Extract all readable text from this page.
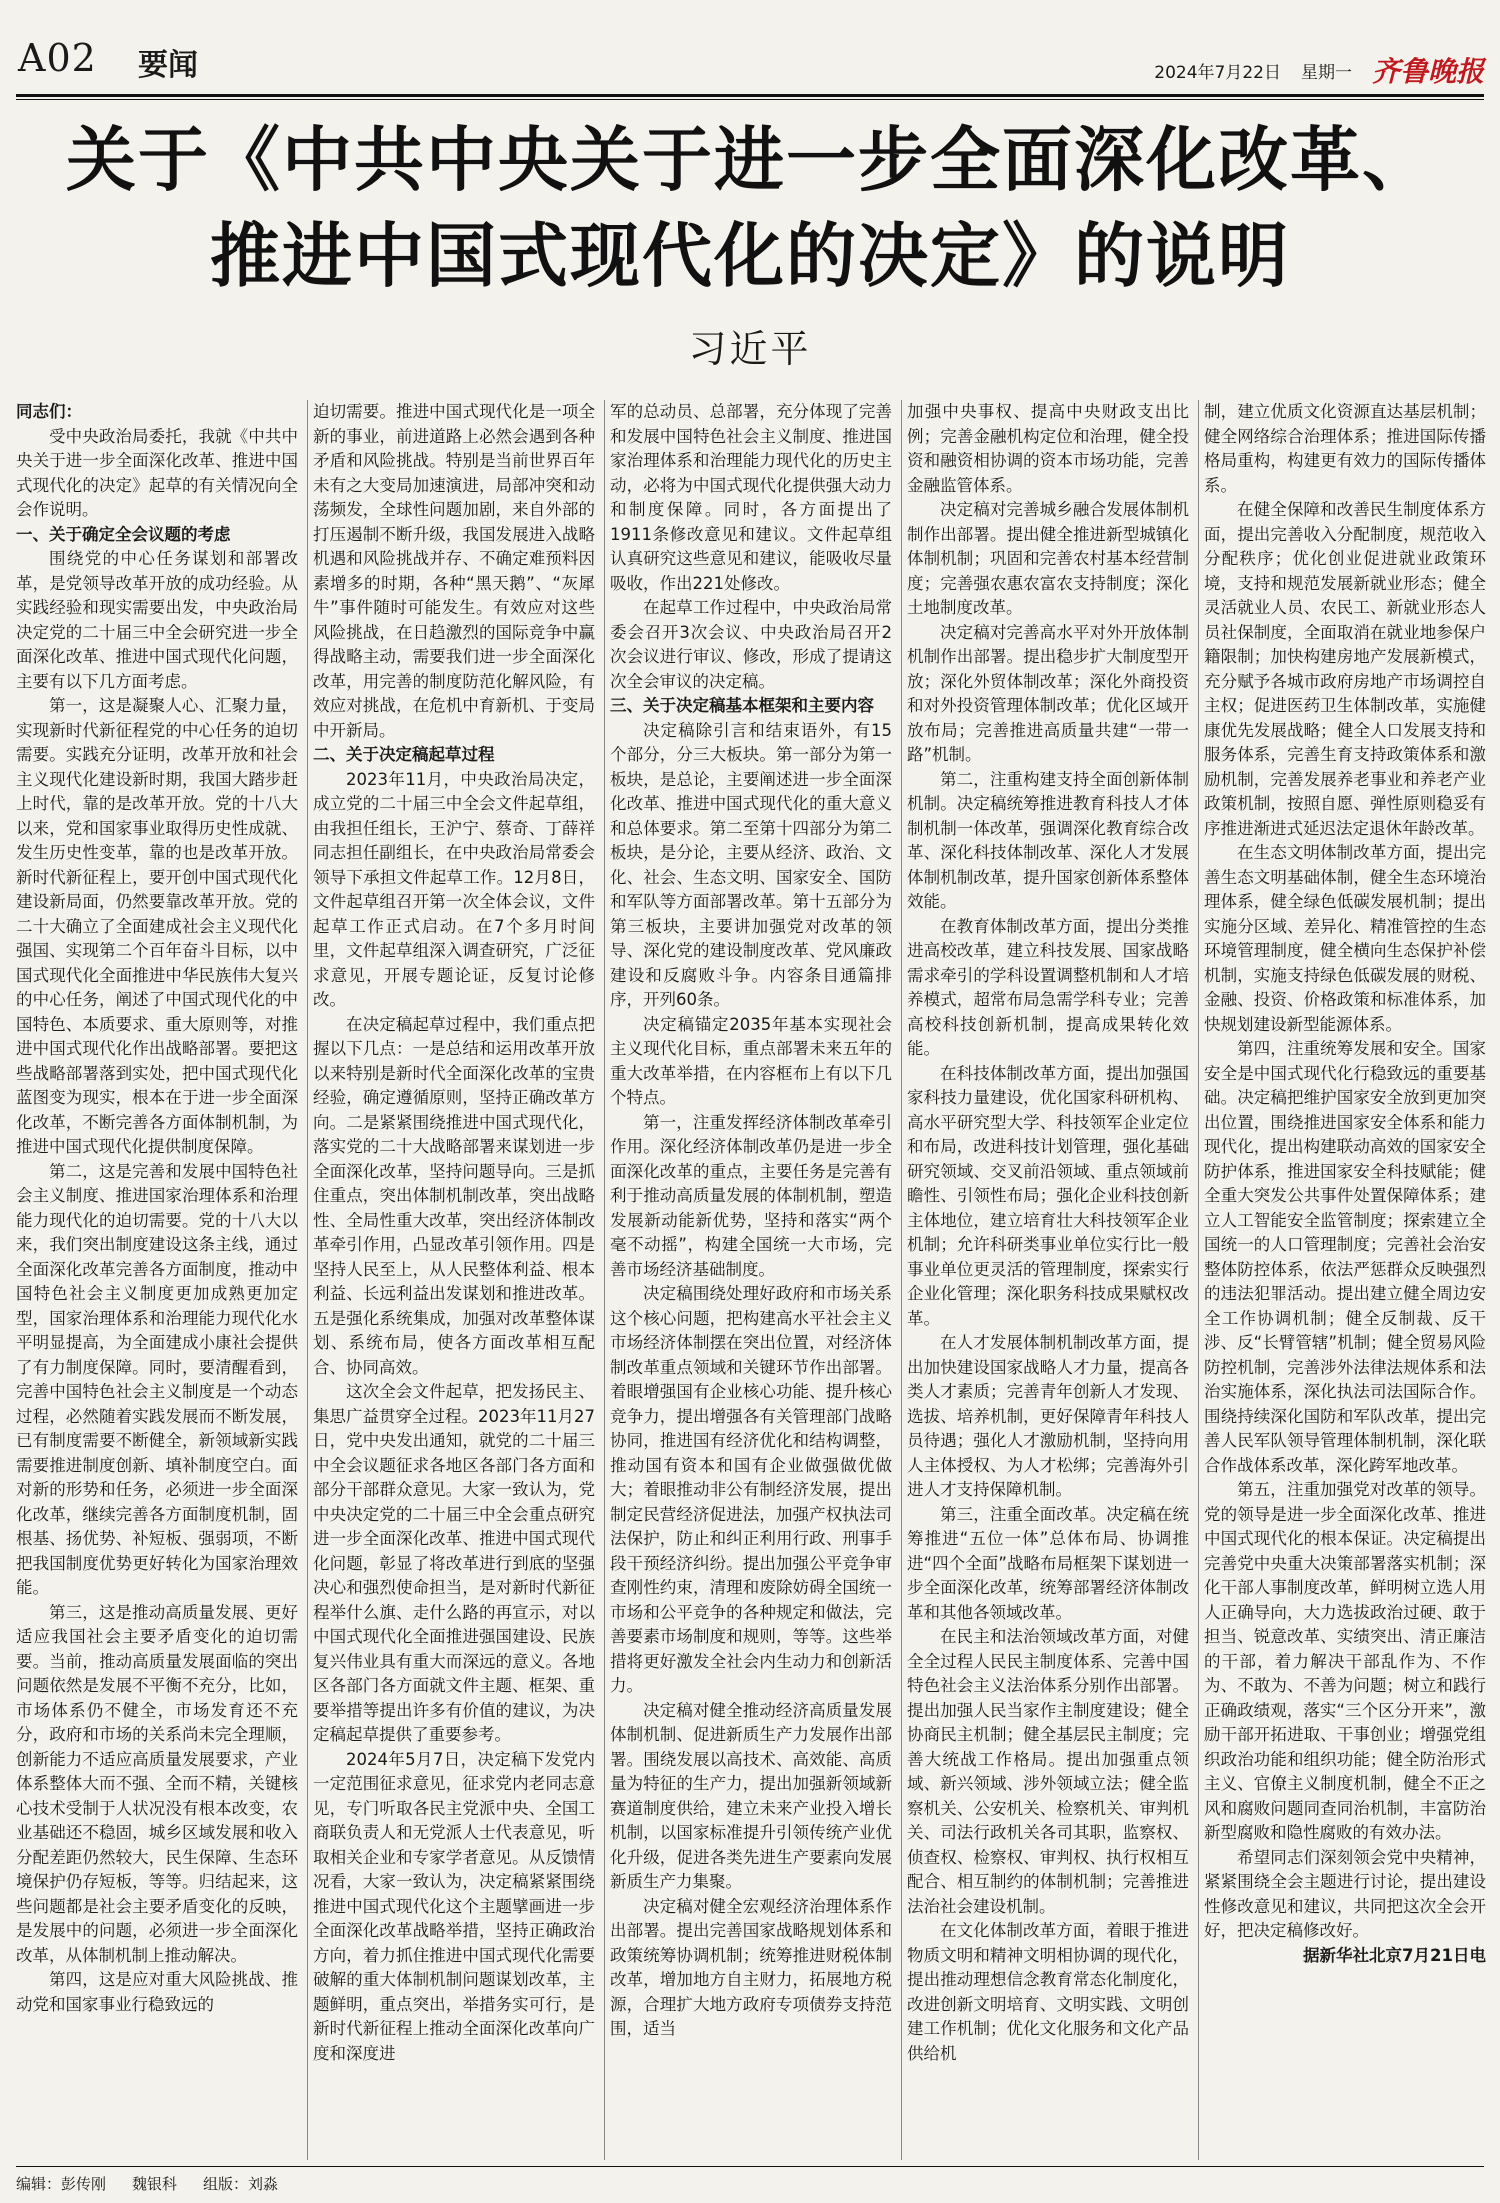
A02 要闻	2024年7月22日 星期一 齐鲁晚报
关于《中共中央关于进一步全面深化改革、
推进中国式现代化的决定》的说明
习近平

同志们：

受中央政治局委托，我就《中共中央关于进一步全面深化改革、推进中国式现代化的决定》起草的有关情况向全会作说明。

一、关于确定全会议题的考虑

围绕党的中心任务谋划和部署改革，是党领导改革开放的成功经验。从实践经验和现实需要出发，中央政治局决定党的二十届三中全会研究进一步全面深化改革、推进中国式现代化问题，主要有以下几方面考虑。

第一，这是凝聚人心、汇聚力量，实现新时代新征程党的中心任务的迫切需要。实践充分证明，改革开放和社会主义现代化建设新时期，我国大踏步赶上时代，靠的是改革开放。党的十八大以来，党和国家事业取得历史性成就、发生历史性变革，靠的也是改革开放。新时代新征程上，要开创中国式现代化建设新局面，仍然要靠改革开放。党的二十大确立了全面建成社会主义现代化强国、实现第二个百年奋斗目标，以中国式现代化全面推进中华民族伟大复兴的中心任务，阐述了中国式现代化的中国特色、本质要求、重大原则等，对推进中国式现代化作出战略部署。要把这些战略部署落到实处，把中国式现代化蓝图变为现实，根本在于进一步全面深化改革，不断完善各方面体制机制，为推进中国式现代化提供制度保障。

第二，这是完善和发展中国特色社会主义制度、推进国家治理体系和治理能力现代化的迫切需要。党的十八大以来，我们突出制度建设这条主线，通过全面深化改革完善各方面制度，推动中国特色社会主义制度更加成熟更加定型，国家治理体系和治理能力现代化水平明显提高，为全面建成小康社会提供了有力制度保障。同时，要清醒看到，完善中国特色社会主义制度是一个动态过程，必然随着实践发展而不断发展，已有制度需要不断健全，新领域新实践需要推进制度创新、填补制度空白。面对新的形势和任务，必须进一步全面深化改革，继续完善各方面制度机制，固根基、扬优势、补短板、强弱项，不断把我国制度优势更好转化为国家治理效能。

第三，这是推动高质量发展、更好适应我国社会主要矛盾变化的迫切需要。当前，推动高质量发展面临的突出问题依然是发展不平衡不充分，比如，市场体系仍不健全，市场发育还不充分，政府和市场的关系尚未完全理顺，创新能力不适应高质量发展要求，产业体系整体大而不强、全而不精，关键核心技术受制于人状况没有根本改变，农业基础还不稳固，城乡区域发展和收入分配差距仍然较大，民生保障、生态环境保护仍存短板，等等。归结起来，这些问题都是社会主要矛盾变化的反映，是发展中的问题，必须进一步全面深化改革，从体制机制上推动解决。

第四，这是应对重大风险挑战、推动党和国家事业行稳致远的

迫切需要。推进中国式现代化是一项全新的事业，前进道路上必然会遇到各种矛盾和风险挑战。特别是当前世界百年未有之大变局加速演进，局部冲突和动荡频发，全球性问题加剧，来自外部的打压遏制不断升级，我国发展进入战略机遇和风险挑战并存、不确定难预料因素增多的时期，各种“黑天鹅”、“灰犀牛”事件随时可能发生。有效应对这些风险挑战，在日趋激烈的国际竞争中赢得战略主动，需要我们进一步全面深化改革，用完善的制度防范化解风险，有效应对挑战，在危机中育新机、于变局中开新局。

二、关于决定稿起草过程

2023年11月，中央政治局决定，成立党的二十届三中全会文件起草组，由我担任组长，王沪宁、蔡奇、丁薛祥同志担任副组长，在中央政治局常委会领导下承担文件起草工作。12月8日，文件起草组召开第一次全体会议，文件起草工作正式启动。在7个多月时间里，文件起草组深入调查研究，广泛征求意见，开展专题论证，反复讨论修改。

在决定稿起草过程中，我们重点把握以下几点：一是总结和运用改革开放以来特别是新时代全面深化改革的宝贵经验，确定遵循原则，坚持正确改革方向。二是紧紧围绕推进中国式现代化，落实党的二十大战略部署来谋划进一步全面深化改革，坚持问题导向。三是抓住重点，突出体制机制改革，突出战略性、全局性重大改革，突出经济体制改革牵引作用，凸显改革引领作用。四是坚持人民至上，从人民整体利益、根本利益、长远利益出发谋划和推进改革。五是强化系统集成，加强对改革整体谋划、系统布局，使各方面改革相互配合、协同高效。

这次全会文件起草，把发扬民主、集思广益贯穿全过程。2023年11月27日，党中央发出通知，就党的二十届三中全会议题征求各地区各部门各方面和部分干部群众意见。大家一致认为，党中央决定党的二十届三中全会重点研究进一步全面深化改革、推进中国式现代化问题，彰显了将改革进行到底的坚强决心和强烈使命担当，是对新时代新征程举什么旗、走什么路的再宣示，对以中国式现代化全面推进强国建设、民族复兴伟业具有重大而深远的意义。各地区各部门各方面就文件主题、框架、重要举措等提出许多有价值的建议，为决定稿起草提供了重要参考。

2024年5月7日，决定稿下发党内一定范围征求意见，征求党内老同志意见，专门听取各民主党派中央、全国工商联负责人和无党派人士代表意见，听取相关企业和专家学者意见。从反馈情况看，大家一致认为，决定稿紧紧围绕推进中国式现代化这个主题擘画进一步全面深化改革战略举措，坚持正确政治方向，着力抓住推进中国式现代化需要破解的重大体制机制问题谋划改革，主题鲜明，重点突出，举措务实可行，是新时代新征程上推动全面深化改革向广度和深度进

军的总动员、总部署，充分体现了完善和发展中国特色社会主义制度、推进国家治理体系和治理能力现代化的历史主动，必将为中国式现代化提供强大动力和制度保障。同时，各方面提出了1911条修改意见和建议。文件起草组认真研究这些意见和建议，能吸收尽量吸收，作出221处修改。

在起草工作过程中，中央政治局常委会召开3次会议、中央政治局召开2次会议进行审议、修改，形成了提请这次全会审议的决定稿。

三、关于决定稿基本框架和主要内容

决定稿除引言和结束语外，有15个部分，分三大板块。第一部分为第一板块，是总论，主要阐述进一步全面深化改革、推进中国式现代化的重大意义和总体要求。第二至第十四部分为第二板块，是分论，主要从经济、政治、文化、社会、生态文明、国家安全、国防和军队等方面部署改革。第十五部分为第三板块，主要讲加强党对改革的领导、深化党的建设制度改革、党风廉政建设和反腐败斗争。内容条目通篇排序，开列60条。

决定稿锚定2035年基本实现社会主义现代化目标，重点部署未来五年的重大改革举措，在内容框布上有以下几个特点。

第一，注重发挥经济体制改革牵引作用。深化经济体制改革仍是进一步全面深化改革的重点，主要任务是完善有利于推动高质量发展的体制机制，塑造发展新动能新优势，坚持和落实“两个毫不动摇”，构建全国统一大市场，完善市场经济基础制度。

决定稿围绕处理好政府和市场关系这个核心问题，把构建高水平社会主义市场经济体制摆在突出位置，对经济体制改革重点领域和关键环节作出部署。着眼增强国有企业核心功能、提升核心竞争力，提出增强各有关管理部门战略协同，推进国有经济优化和结构调整，推动国有资本和国有企业做强做优做大；着眼推动非公有制经济发展，提出制定民营经济促进法，加强产权执法司法保护，防止和纠正利用行政、刑事手段干预经济纠纷。提出加强公平竞争审查刚性约束，清理和废除妨碍全国统一市场和公平竞争的各种规定和做法，完善要素市场制度和规则，等等。这些举措将更好激发全社会内生动力和创新活力。

决定稿对健全推动经济高质量发展体制机制、促进新质生产力发展作出部署。围绕发展以高技术、高效能、高质量为特征的生产力，提出加强新领域新赛道制度供给，建立未来产业投入增长机制，以国家标准提升引领传统产业优化升级，促进各类先进生产要素向发展新质生产力集聚。

决定稿对健全宏观经济治理体系作出部署。提出完善国家战略规划体系和政策统筹协调机制；统筹推进财税体制改革，增加地方自主财力，拓展地方税源，合理扩大地方政府专项债券支持范围，适当

加强中央事权、提高中央财政支出比例；完善金融机构定位和治理，健全投资和融资相协调的资本市场功能，完善金融监管体系。

决定稿对完善城乡融合发展体制机制作出部署。提出健全推进新型城镇化体制机制；巩固和完善农村基本经营制度；完善强农惠农富农支持制度；深化土地制度改革。

决定稿对完善高水平对外开放体制机制作出部署。提出稳步扩大制度型开放；深化外贸体制改革；深化外商投资和对外投资管理体制改革；优化区域开放布局；完善推进高质量共建“一带一路”机制。

第二，注重构建支持全面创新体制机制。决定稿统筹推进教育科技人才体制机制一体改革，强调深化教育综合改革、深化科技体制改革、深化人才发展体制机制改革，提升国家创新体系整体效能。

在教育体制改革方面，提出分类推进高校改革，建立科技发展、国家战略需求牵引的学科设置调整机制和人才培养模式，超常布局急需学科专业；完善高校科技创新机制，提高成果转化效能。

在科技体制改革方面，提出加强国家科技力量建设，优化国家科研机构、高水平研究型大学、科技领军企业定位和布局，改进科技计划管理，强化基础研究领域、交叉前沿领域、重点领域前瞻性、引领性布局；强化企业科技创新主体地位，建立培育壮大科技领军企业机制；允许科研类事业单位实行比一般事业单位更灵活的管理制度，探索实行企业化管理；深化职务科技成果赋权改革。

在人才发展体制机制改革方面，提出加快建设国家战略人才力量，提高各类人才素质；完善青年创新人才发现、选拔、培养机制，更好保障青年科技人员待遇；强化人才激励机制，坚持向用人主体授权、为人才松绑；完善海外引进人才支持保障机制。

第三，注重全面改革。决定稿在统筹推进“五位一体”总体布局、协调推进“四个全面”战略布局框架下谋划进一步全面深化改革，统筹部署经济体制改革和其他各领域改革。

在民主和法治领域改革方面，对健全全过程人民民主制度体系、完善中国特色社会主义法治体系分别作出部署。提出加强人民当家作主制度建设；健全协商民主机制；健全基层民主制度；完善大统战工作格局。提出加强重点领域、新兴领域、涉外领域立法；健全监察机关、公安机关、检察机关、审判机关、司法行政机关各司其职，监察权、侦查权、检察权、审判权、执行权相互配合、相互制约的体制机制；完善推进法治社会建设机制。

在文化体制改革方面，着眼于推进物质文明和精神文明相协调的现代化，提出推动理想信念教育常态化制度化，改进创新文明培育、文明实践、文明创建工作机制；优化文化服务和文化产品供给机

制，建立优质文化资源直达基层机制；健全网络综合治理体系；推进国际传播格局重构，构建更有效力的国际传播体系。

在健全保障和改善民生制度体系方面，提出完善收入分配制度，规范收入分配秩序；优化创业促进就业政策环境，支持和规范发展新就业形态；健全灵活就业人员、农民工、新就业形态人员社保制度，全面取消在就业地参保户籍限制；加快构建房地产发展新模式，充分赋予各城市政府房地产市场调控自主权；促进医药卫生体制改革，实施健康优先发展战略；健全人口发展支持和服务体系，完善生育支持政策体系和激励机制，完善发展养老事业和养老产业政策机制，按照自愿、弹性原则稳妥有序推进渐进式延迟法定退休年龄改革。

在生态文明体制改革方面，提出完善生态文明基础体制，健全生态环境治理体系，健全绿色低碳发展机制；提出实施分区域、差异化、精准管控的生态环境管理制度，健全横向生态保护补偿机制，实施支持绿色低碳发展的财税、金融、投资、价格政策和标准体系，加快规划建设新型能源体系。

第四，注重统筹发展和安全。国家安全是中国式现代化行稳致远的重要基础。决定稿把维护国家安全放到更加突出位置，围绕推进国家安全体系和能力现代化，提出构建联动高效的国家安全防护体系，推进国家安全科技赋能；健全重大突发公共事件处置保障体系；建立人工智能安全监管制度；探索建立全国统一的人口管理制度；完善社会治安整体防控体系，依法严惩群众反映强烈的违法犯罪活动。提出建立健全周边安全工作协调机制；健全反制裁、反干涉、反“长臂管辖”机制；健全贸易风险防控机制，完善涉外法律法规体系和法治实施体系，深化执法司法国际合作。围绕持续深化国防和军队改革，提出完善人民军队领导管理体制机制，深化联合作战体系改革，深化跨军地改革。

第五，注重加强党对改革的领导。党的领导是进一步全面深化改革、推进中国式现代化的根本保证。决定稿提出完善党中央重大决策部署落实机制；深化干部人事制度改革，鲜明树立选人用人正确导向，大力选拔政治过硬、敢于担当、锐意改革、实绩突出、清正廉洁的干部，着力解决干部乱作为、不作为、不敢为、不善为问题；树立和践行正确政绩观，落实“三个区分开来”，激励干部开拓进取、干事创业；增强党组织政治功能和组织功能；健全防治形式主义、官僚主义制度机制，健全不正之风和腐败问题同查同治机制，丰富防治新型腐败和隐性腐败的有效办法。

希望同志们深刻领会党中央精神，紧紧围绕全会主题进行讨论，提出建设性修改意见和建议，共同把这次全会开好，把决定稿修改好。

据新华社北京7月21日电

编辑：彭传刚 魏银科 组版：刘淼
